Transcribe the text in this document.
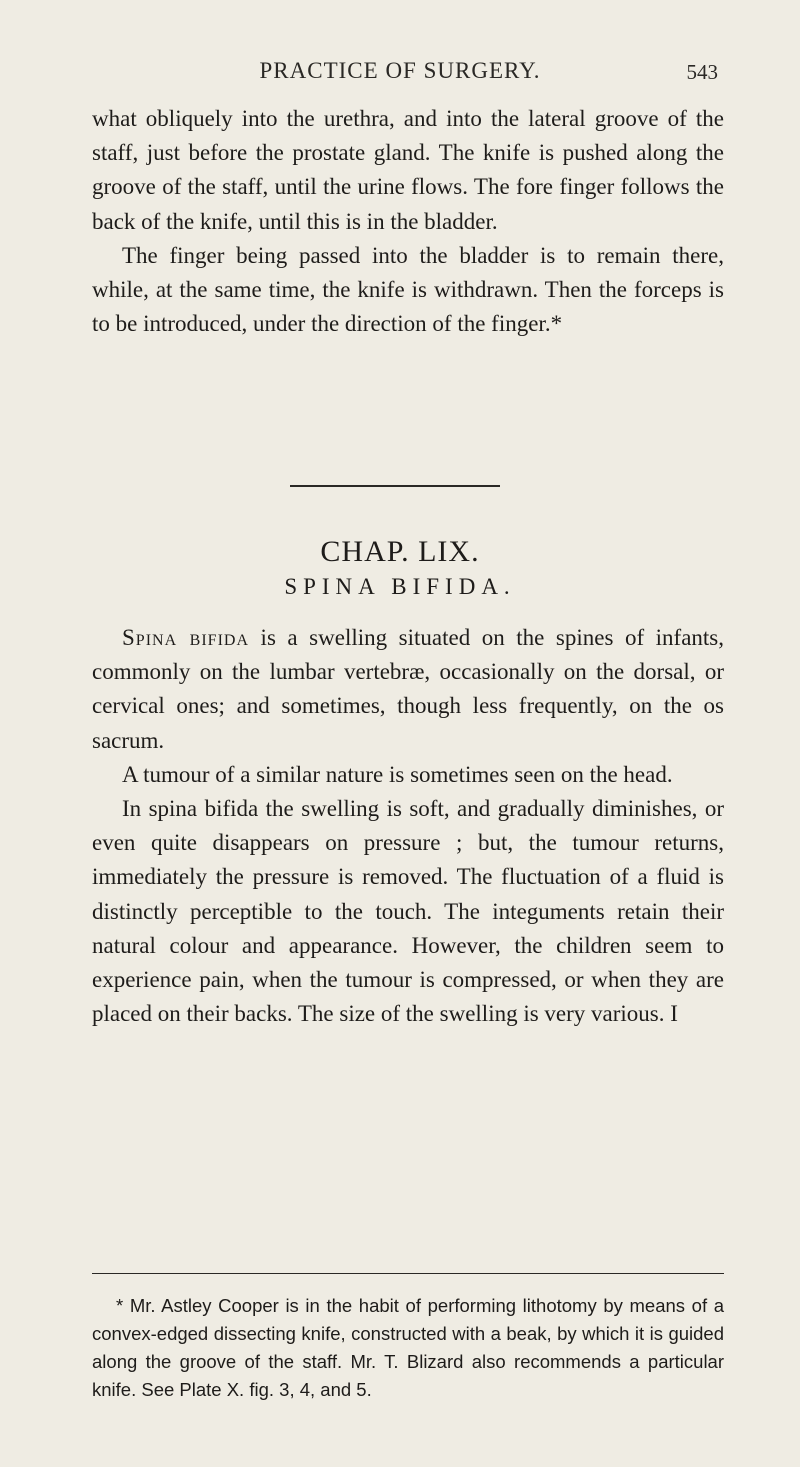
PRACTICE OF SURGERY.	543

what obliquely into the urethra, and into the lateral groove of the staff, just before the prostate gland. The knife is pushed along the groove of the staff, until the urine flows. The fore finger follows the back of the knife, until this is in the bladder.

The finger being passed into the bladder is to remain there, while, at the same time, the knife is withdrawn. Then the forceps is to be introduced, under the direction of the finger.*

CHAP. LIX.
SPINA BIFIDA.

Spina bifida is a swelling situated on the spines of infants, commonly on the lumbar vertebræ, occasionally on the dorsal, or cervical ones; and sometimes, though less frequently, on the os sacrum.

A tumour of a similar nature is sometimes seen on the head.

In spina bifida the swelling is soft, and gradually diminishes, or even quite disappears on pressure ; but, the tumour returns, immediately the pressure is removed. The fluctuation of a fluid is distinctly perceptible to the touch. The integuments retain their natural colour and appearance. However, the children seem to experience pain, when the tumour is compressed, or when they are placed on their backs. The size of the swelling is very various. I

* Mr. Astley Cooper is in the habit of performing lithotomy by means of a convex-edged dissecting knife, constructed with a beak, by which it is guided along the groove of the staff. Mr. T. Blizard also recommends a particular knife. See Plate X. fig. 3, 4, and 5.
